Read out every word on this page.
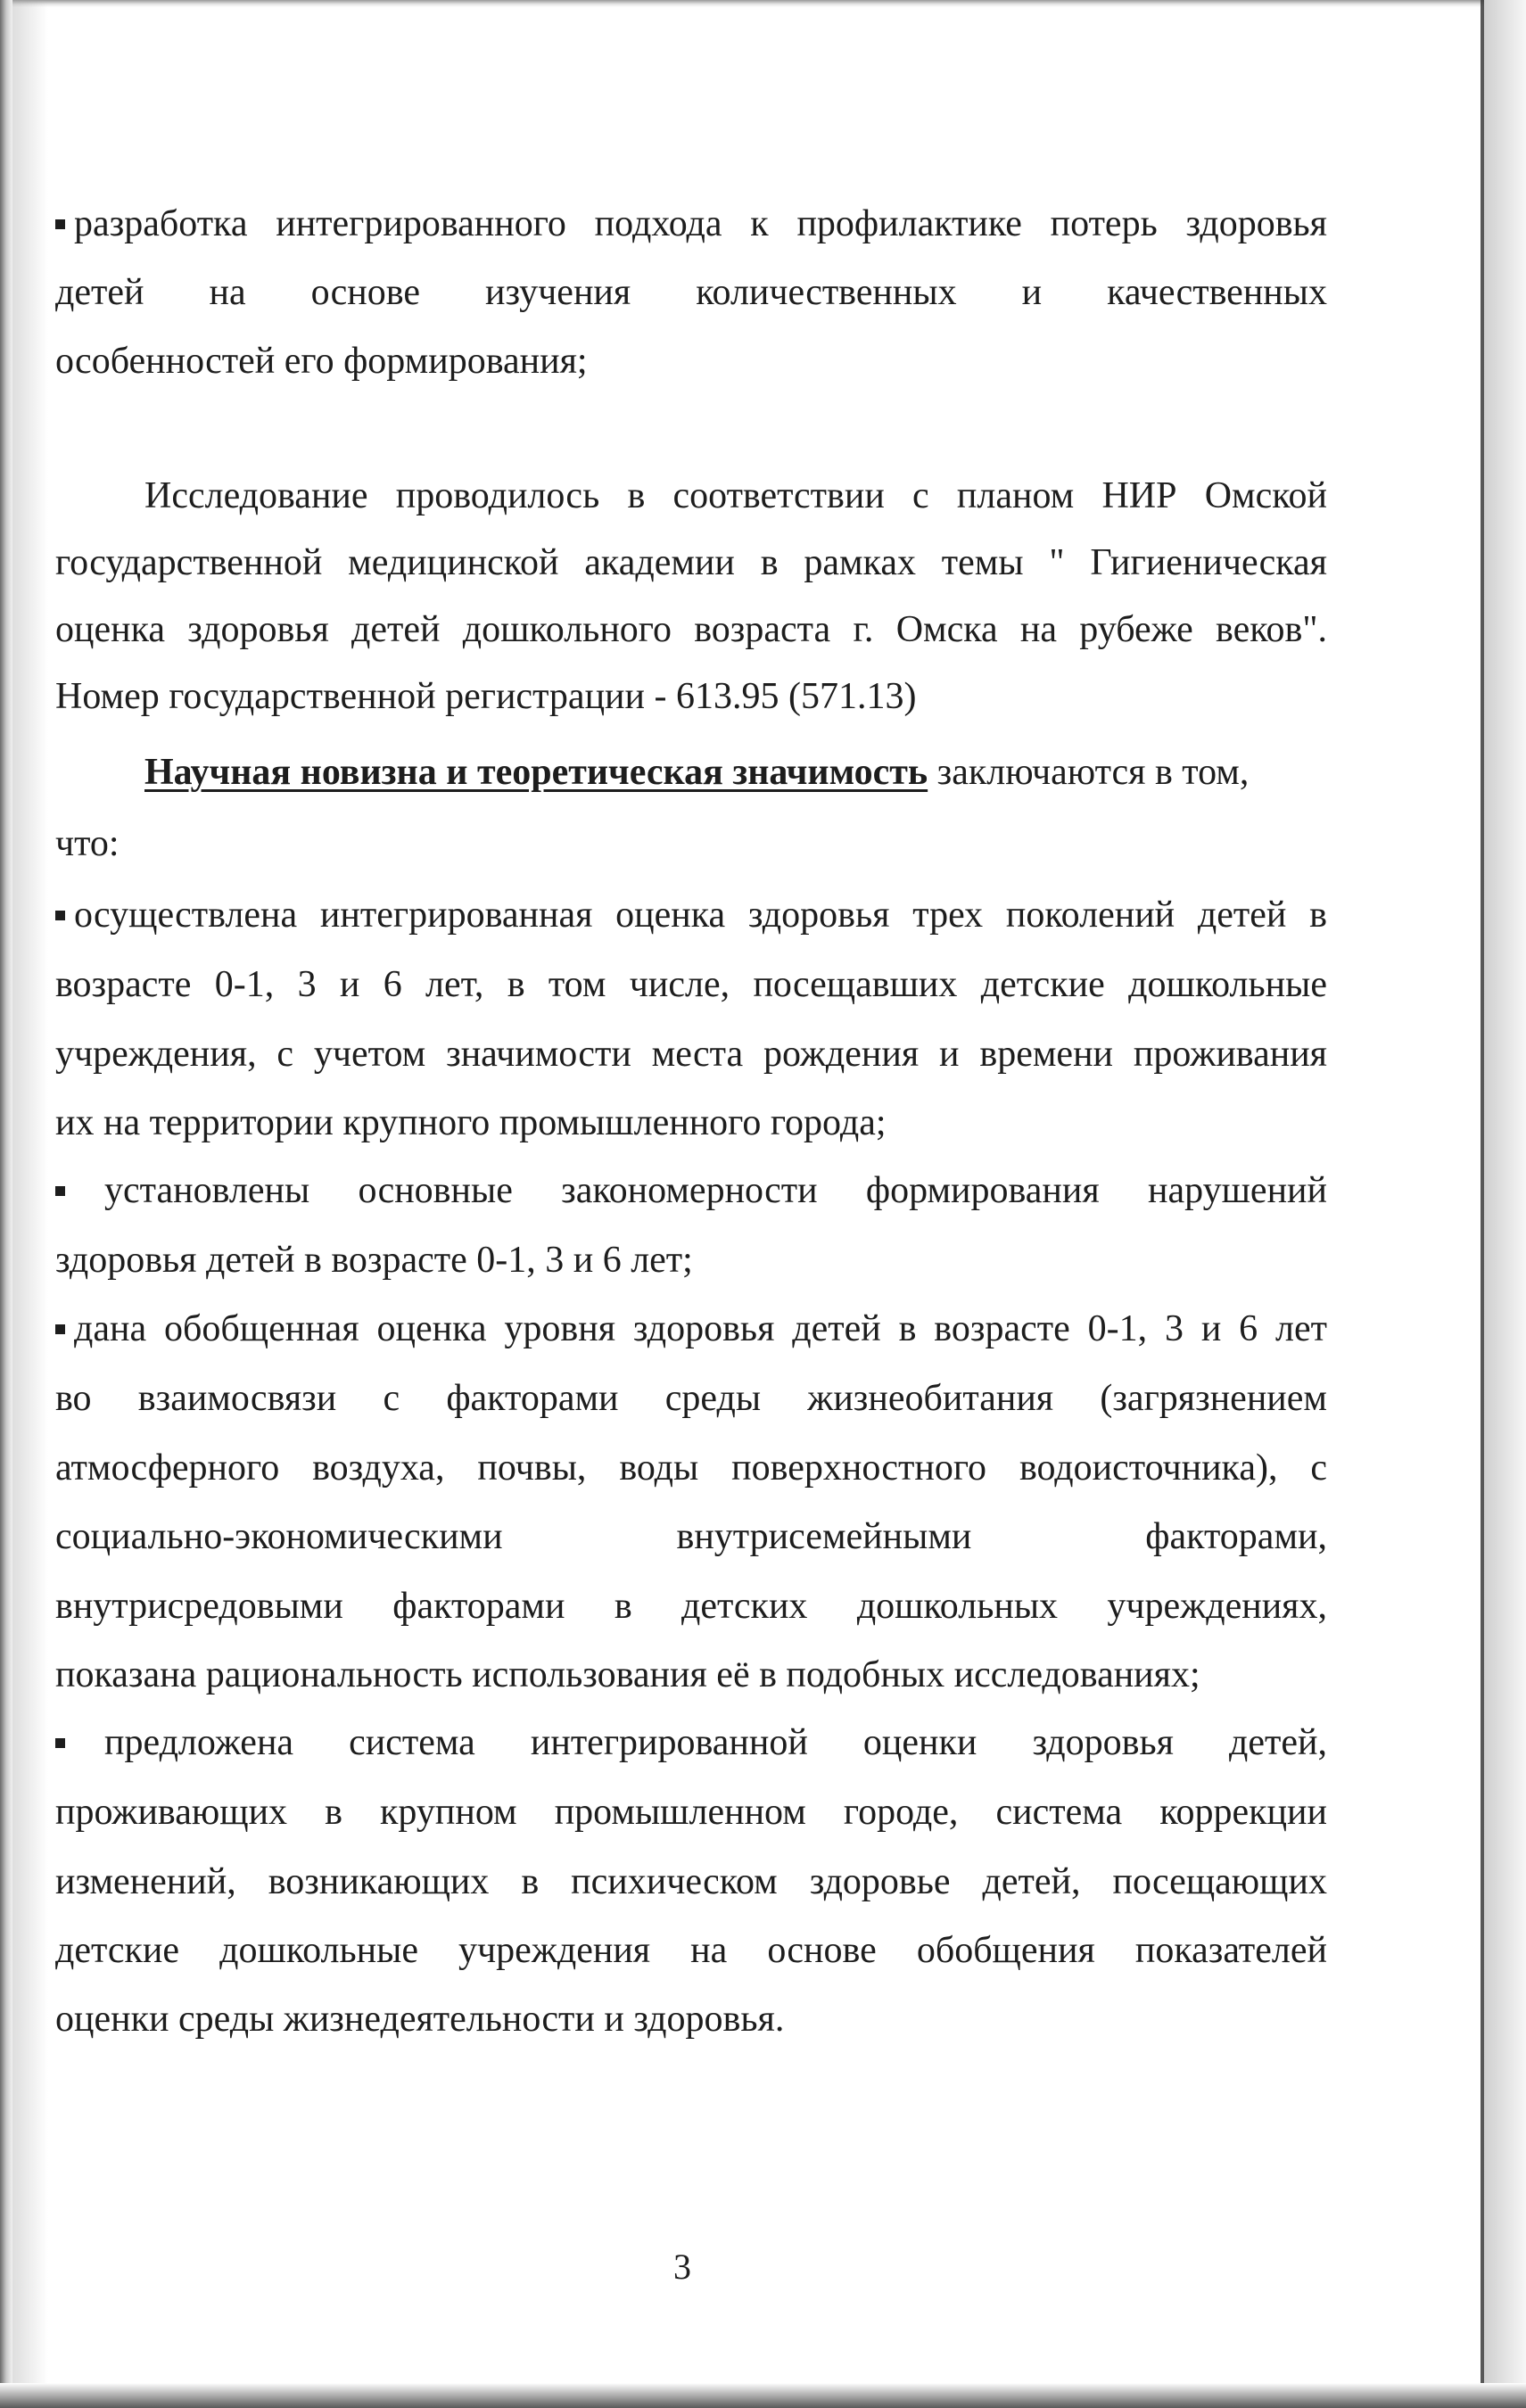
разработка интегрированного подхода к профилактике потерь здоровья
детей на основе изучения количественных и качественных
особенностей его формирования;
Исследование проводилось в соответствии с планом НИР Омской
государственной медицинской академии в рамках темы " Гигиеническая
оценка здоровья детей дошкольного возраста г. Омска на рубеже веков".
Номер государственной регистрации - 613.95 (571.13)
Научная новизна и теоретическая значимость заключаются в том,
что:
осуществлена интегрированная оценка здоровья трех поколений детей в
возрасте 0-1, 3 и 6 лет, в том числе, посещавших детские дошкольные
учреждения, с учетом значимости места рождения и времени проживания
их на территории крупного промышленного города;
установлены основные закономерности формирования нарушений
здоровья детей в возрасте 0-1, 3 и 6 лет;
дана обобщенная оценка уровня здоровья детей в возрасте 0-1, 3 и 6 лет
во взаимосвязи с факторами среды жизнеобитания (загрязнением
атмосферного воздуха, почвы, воды поверхностного водоисточника), с
социально-экономическими внутрисемейными факторами,
внутрисредовыми факторами в детских дошкольных учреждениях,
показана рациональность использования её в подобных исследованиях;
предложена система интегрированной оценки здоровья детей,
проживающих в крупном промышленном городе, система коррекции
изменений, возникающих в психическом здоровье детей, посещающих
детские дошкольные учреждения на основе обобщения показателей
оценки среды жизнедеятельности и здоровья.
3
